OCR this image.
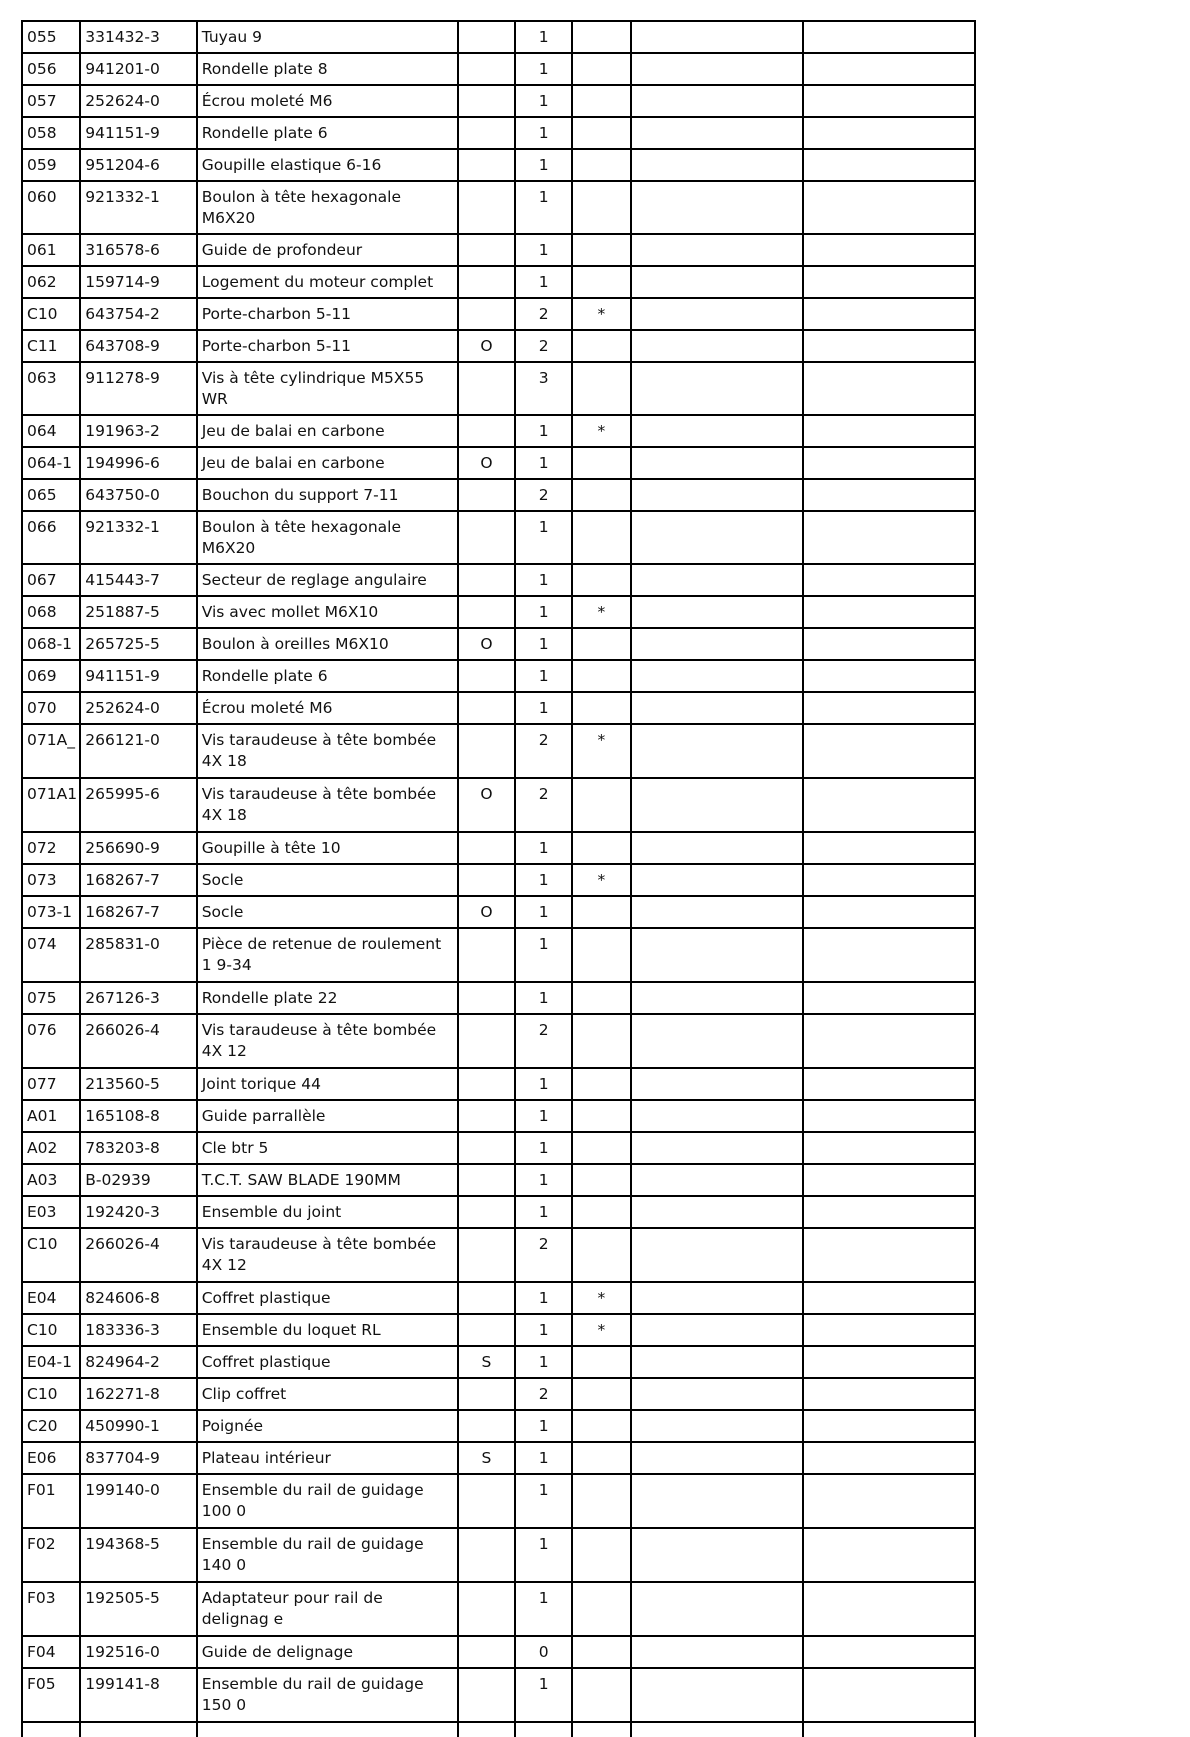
055	331432-3	Tuyau 9		1			
056	941201-0	Rondelle plate 8		1			
057	252624-0	Écrou moleté M6		1			
058	941151-9	Rondelle plate 6		1			
059	951204-6	Goupille elastique 6-16		1			
060	921332-1	Boulon à tête hexagonale M6X20		1			
061	316578-6	Guide de profondeur		1			
062	159714-9	Logement du moteur complet		1			
C10	643754-2	Porte-charbon 5-11		2	*		
C11	643708-9	Porte-charbon 5-11	O	2			
063	911278-9	Vis à tête cylindrique M5X55 WR		3			
064	191963-2	Jeu de balai en carbone		1	*		
064-1	194996-6	Jeu de balai en carbone	O	1			
065	643750-0	Bouchon du support 7-11		2			
066	921332-1	Boulon à tête hexagonale M6X20		1			
067	415443-7	Secteur de reglage angulaire		1			
068	251887-5	Vis avec mollet M6X10		1	*		
068-1	265725-5	Boulon à oreilles M6X10	O	1			
069	941151-9	Rondelle plate 6		1			
070	252624-0	Écrou moleté M6		1			
071A_	266121-0	Vis taraudeuse à tête bombée 4X 18		2	*		
071A1	265995-6	Vis taraudeuse à tête bombée 4X 18	O	2			
072	256690-9	Goupille à tête 10		1			
073	168267-7	Socle		1	*		
073-1	168267-7	Socle	O	1			
074	285831-0	Pièce de retenue de roulement 1 9-34		1			
075	267126-3	Rondelle plate 22		1			
076	266026-4	Vis taraudeuse à tête bombée 4X 12		2			
077	213560-5	Joint torique 44		1			
A01	165108-8	Guide parrallèle		1			
A02	783203-8	Cle btr 5		1			
A03	B-02939	T.C.T. SAW BLADE 190MM		1			
E03	192420-3	Ensemble du joint		1			
C10	266026-4	Vis taraudeuse à tête bombée 4X 12		2			
E04	824606-8	Coffret plastique		1	*		
C10	183336-3	Ensemble du loquet RL		1	*		
E04-1	824964-2	Coffret plastique	S	1			
C10	162271-8	Clip coffret		2			
C20	450990-1	Poignée		1			
E06	837704-9	Plateau intérieur	S	1			
F01	199140-0	Ensemble du rail de guidage 100 0		1			
F02	194368-5	Ensemble du rail de guidage 140 0		1			
F03	192505-5	Adaptateur pour rail de delignag e		1			
F04	192516-0	Guide de delignage		0			
F05	199141-8	Ensemble du rail de guidage 150 0		1			
